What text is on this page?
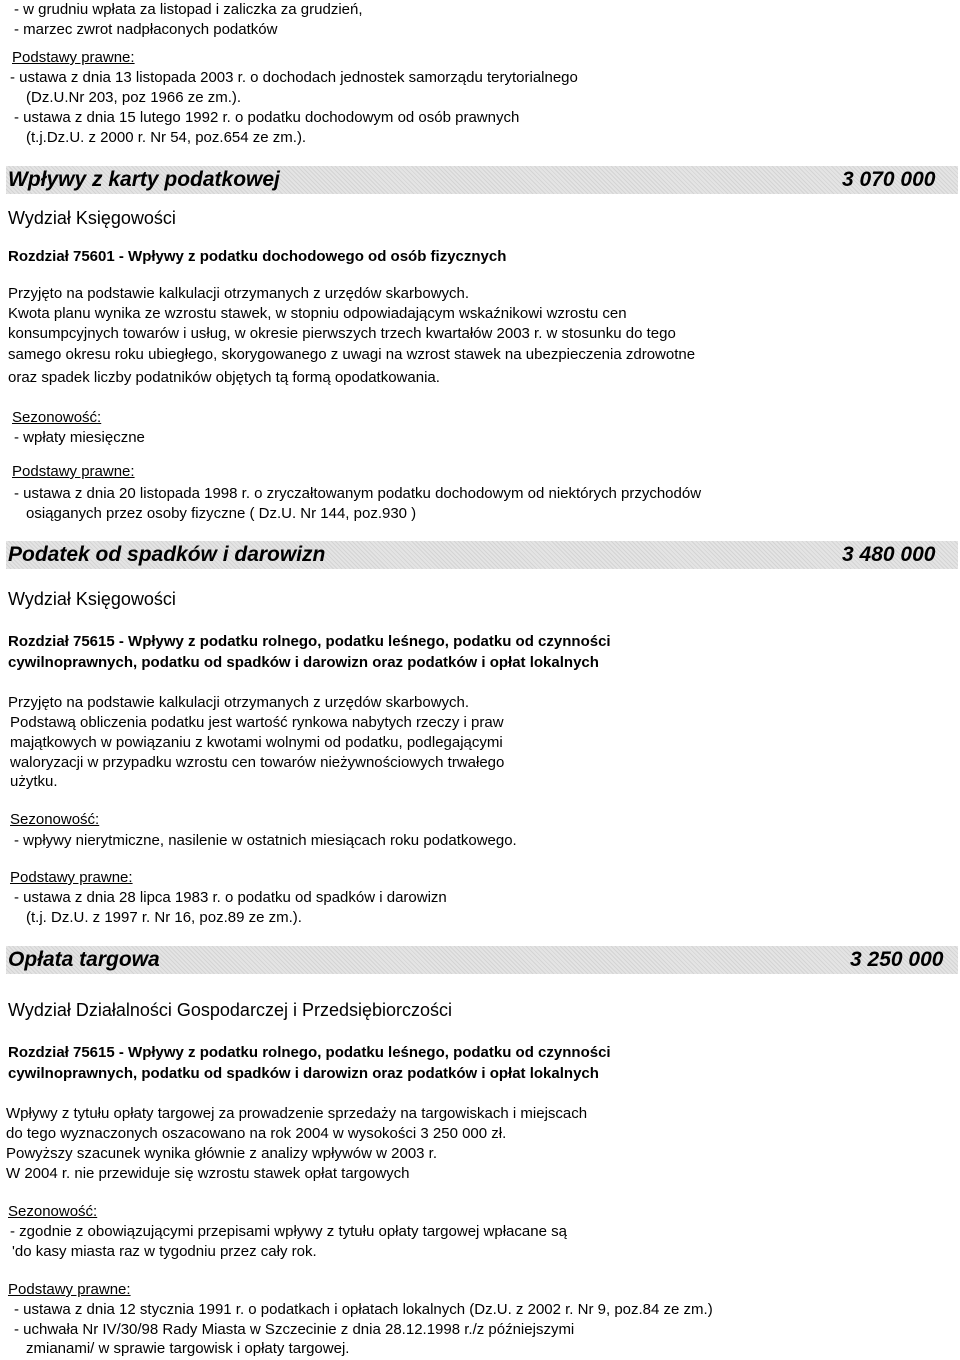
- w grudniu wpłata za listopad i zaliczka za grudzień,
- marzec zwrot nadpłaconych podatków
Podstawy prawne:
- ustawa z dnia 13 listopada 2003 r. o dochodach jednostek samorządu terytorialnego
(Dz.U.Nr 203, poz 1966 ze zm.).
- ustawa z dnia 15 lutego 1992 r. o podatku dochodowym od osób prawnych
(t.j.Dz.U. z 2000 r. Nr 54, poz.654 ze zm.).
Wpływy z karty podatkowej	3 070 000
Wydział Księgowości
Rozdział 75601 - Wpływy z podatku dochodowego od osób fizycznych
Przyjęto na podstawie kalkulacji otrzymanych z urzędów skarbowych.
Kwota planu wynika ze wzrostu stawek, w stopniu odpowiadającym wskaźnikowi wzrostu cen
konsumpcyjnych towarów i usług, w okresie pierwszych trzech kwartałów 2003 r. w stosunku do tego
samego okresu roku ubiegłego, skorygowanego z uwagi na wzrost stawek na ubezpieczenia zdrowotne
oraz spadek liczby podatników objętych tą formą opodatkowania.
Sezonowość:
- wpłaty miesięczne
Podstawy prawne:
- ustawa z dnia 20 listopada 1998 r. o zryczałtowanym podatku dochodowym od niektórych przychodów
osiąganych przez osoby fizyczne ( Dz.U. Nr 144, poz.930 )
Podatek od spadków i darowizn	3 480 000
Wydział Księgowości
Rozdział 75615 - Wpływy z podatku rolnego, podatku leśnego, podatku od czynności
cywilnoprawnych, podatku od spadków i darowizn oraz podatków i opłat lokalnych
Przyjęto na podstawie kalkulacji otrzymanych z urzędów skarbowych.
Podstawą obliczenia podatku jest wartość rynkowa nabytych rzeczy i praw
majątkowych w powiązaniu z kwotami wolnymi od podatku, podlegającymi
waloryzacji w przypadku wzrostu cen towarów nieżywnościowych trwałego
użytku.
Sezonowość:
- wpływy nierytmiczne, nasilenie w ostatnich miesiącach roku podatkowego.
Podstawy prawne:
- ustawa z dnia 28 lipca 1983 r. o podatku od spadków i darowizn
(t.j. Dz.U. z 1997 r. Nr 16, poz.89 ze zm.).
Opłata targowa	3 250 000
Wydział Działalności Gospodarczej i Przedsiębiorczości
Rozdział 75615 - Wpływy z podatku rolnego, podatku leśnego, podatku od czynności
cywilnoprawnych, podatku od spadków i darowizn oraz podatków i opłat lokalnych
Wpływy z tytułu opłaty targowej za prowadzenie sprzedaży na targowiskach i miejscach
do tego wyznaczonych oszacowano na rok 2004 w wysokości 3 250 000 zł.
Powyższy szacunek wynika głównie z analizy wpływów w 2003 r.
W 2004 r. nie przewiduje się wzrostu stawek opłat targowych
Sezonowość:
- zgodnie z obowiązującymi przepisami wpływy z tytułu opłaty targowej wpłacane są
'do kasy miasta raz w tygodniu przez cały rok.
Podstawy prawne:
- ustawa z dnia 12 stycznia 1991 r. o podatkach i opłatach lokalnych (Dz.U. z 2002 r. Nr 9, poz.84 ze zm.)
- uchwała Nr IV/30/98 Rady Miasta w Szczecinie z dnia 28.12.1998 r./z późniejszymi
zmianami/ w sprawie targowisk i opłaty targowej.
